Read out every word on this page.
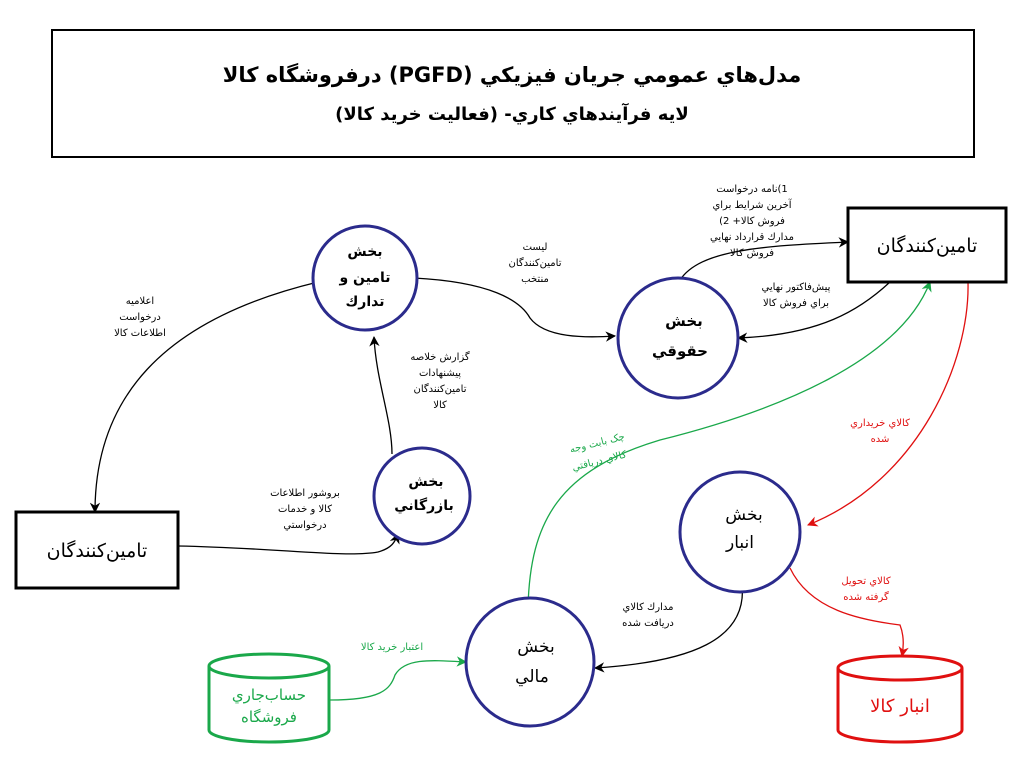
مدل‌هاي عمومي جريان فيزيکي (PGFD) درفروشگاه کالا
لايه فرآيندهاي كاري- (فعاليت خريد کالا)
بخش
تامين و
تدارك
بخش
حقوقي
بخش
بازرگاني	بخش
انبار
بخش
مالي
تامين‌كنندگان
تامين‌كنندگان
حساب‌جاري
فروشگاه	انبار كالا
اعلاميه
درخواست
اطلاعات كالا
ليست
تامين‌كنندگان
منتخب
1)نامه درخواست
آخرين شرايط براي
فروش كالا+ 2)
مدارك قرارداد نهايي
فروش كالا
پيش‌فاكتور نهايي
براي فروش كالا
گزارش خلاصه
پيشنهادات
تامين‌كنندگان
كالا
بروشور اطلاعات
كالا و خدمات
درخواستي
چک بابت وجه
كالاي دريافتي
كالاي خريداري
شده
كالاي تحويل
گرفته شده
مدارك كالاي
دريافت شده
اعتبار خريد كالا
